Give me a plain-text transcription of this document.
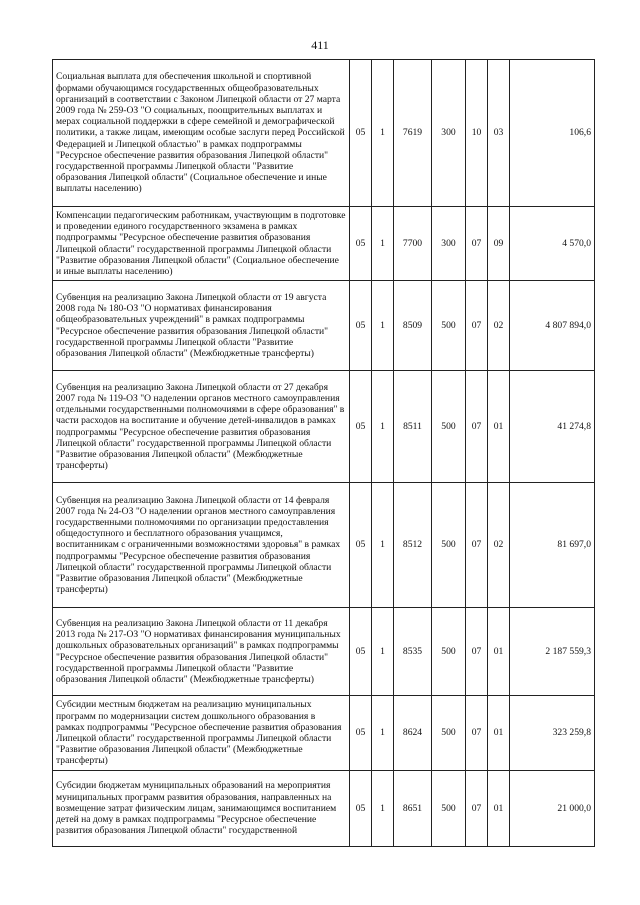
411
Социальная выплата для обеспечения школьной и спортивной формами обучающимся государственных общеобразовательных организаций в соответствии с Законом Липецкой области от 27 марта 2009 года № 259-ОЗ "О социальных, поощрительных выплатах и мерах социальной поддержки в сфере семейной и демографической политики, а также лицам, имеющим особые заслуги перед Российской Федерацией и Липецкой областью" в рамках подпрограммы "Ресурсное обеспечение развития образования Липецкой области" государственной программы Липецкой области "Развитие образования Липецкой области" (Социальное обеспечение и иные выплаты населению)	05	1	7619	300	10	03	106,6
Компенсации педагогическим работникам, участвующим в подготовке и проведении единого государственного экзамена в рамках подпрограммы "Ресурсное обеспечение развития образования Липецкой области" государственной программы Липецкой области "Развитие образования Липецкой области" (Социальное обеспечение и иные выплаты населению)	05	1	7700	300	07	09	4 570,0
Субвенция на реализацию Закона Липецкой области от 19 августа 2008 года № 180-ОЗ "О нормативах финансирования общеобразовательных учреждений" в рамках подпрограммы "Ресурсное обеспечение развития образования Липецкой области" государственной программы Липецкой области "Развитие образования Липецкой области" (Межбюджетные трансферты)	05	1	8509	500	07	02	4 807 894,0
Субвенция на реализацию Закона Липецкой области от 27 декабря 2007 года № 119-ОЗ "О наделении органов местного самоуправления отдельными государственными полномочиями в сфере образования" в части расходов на воспитание и обучение детей-инвалидов в рамках подпрограммы "Ресурсное обеспечение развития образования Липецкой области" государственной программы Липецкой области "Развитие образования Липецкой области" (Межбюджетные трансферты)	05	1	8511	500	07	01	41 274,8
Субвенция на реализацию Закона Липецкой области от 14 февраля 2007 года № 24-ОЗ "О наделении органов местного самоуправления государственными полномочиями по организации предоставления общедоступного и бесплатного образования учащимся, воспитанникам с ограниченными возможностями здоровья" в рамках подпрограммы "Ресурсное обеспечение развития образования Липецкой области" государственной программы Липецкой области "Развитие образования Липецкой области" (Межбюджетные трансферты)	05	1	8512	500	07	02	81 697,0
Субвенция на реализацию Закона Липецкой области от 11 декабря 2013 года № 217-ОЗ "О нормативах финансирования муниципальных дошкольных образовательных организаций" в рамках подпрограммы "Ресурсное обеспечение развития образования Липецкой области" государственной программы Липецкой области "Развитие образования Липецкой области" (Межбюджетные трансферты)	05	1	8535	500	07	01	2 187 559,3
Субсидии местным бюджетам на реализацию муниципальных программ по модернизации систем дошкольного образования в рамках подпрограммы "Ресурсное обеспечение развития образования Липецкой области" государственной программы Липецкой области "Развитие образования Липецкой области" (Межбюджетные трансферты)	05	1	8624	500	07	01	323 259,8
Субсидии бюджетам муниципальных образований на мероприятия муниципальных программ развития образования, направленных на возмещение затрат физическим лицам, занимающимся воспитанием детей на дому в рамках подпрограммы "Ресурсное обеспечение развития образования Липецкой области" государственной	05	1	8651	500	07	01	21 000,0
